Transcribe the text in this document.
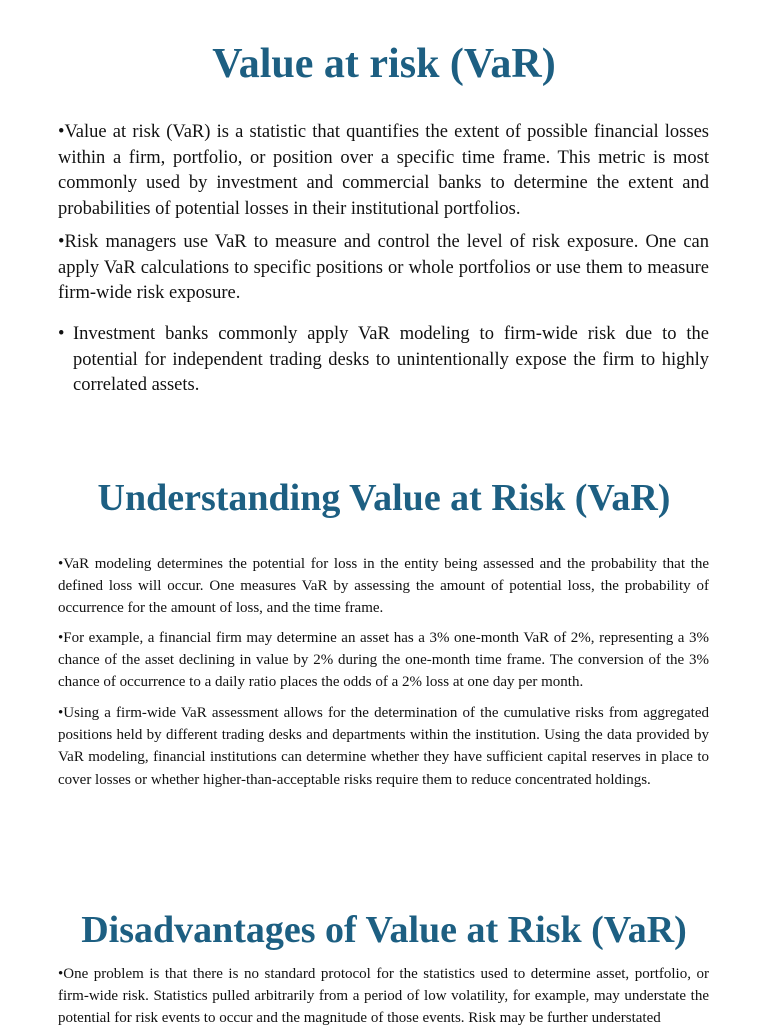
Value at risk (VaR)

•Value at risk (VaR) is a statistic that quantifies the extent of possible financial losses within a firm, portfolio, or position over a specific time frame. This metric is most commonly used by investment and commercial banks to determine the extent and probabilities of potential losses in their institutional portfolios.

•Risk managers use VaR to measure and control the level of risk exposure. One can apply VaR calculations to specific positions or whole portfolios or use them to measure firm-wide risk exposure.

• Investment banks commonly apply VaR modeling to firm-wide risk due to the potential for independent trading desks to unintentionally expose the firm to highly correlated assets.
Understanding Value at Risk (VaR)

•VaR modeling determines the potential for loss in the entity being assessed and the probability that the defined loss will occur. One measures VaR by assessing the amount of potential loss, the probability of occurrence for the amount of loss, and the time frame.

•For example, a financial firm may determine an asset has a 3% one-month VaR of 2%, representing a 3% chance of the asset declining in value by 2% during the one-month time frame. The conversion of the 3% chance of occurrence to a daily ratio places the odds of a 2% loss at one day per month.

•Using a firm-wide VaR assessment allows for the determination of the cumulative risks from aggregated positions held by different trading desks and departments within the institution. Using the data provided by VaR modeling, financial institutions can determine whether they have sufficient capital reserves in place to cover losses or whether higher-than-acceptable risks require them to reduce concentrated holdings.

Disadvantages of Value at Risk (VaR)

•One problem is that there is no standard protocol for the statistics used to determine asset, portfolio, or firm-wide risk. Statistics pulled arbitrarily from a period of low volatility, for example, may understate the potential for risk events to occur and the magnitude of those events. Risk may be further understated
